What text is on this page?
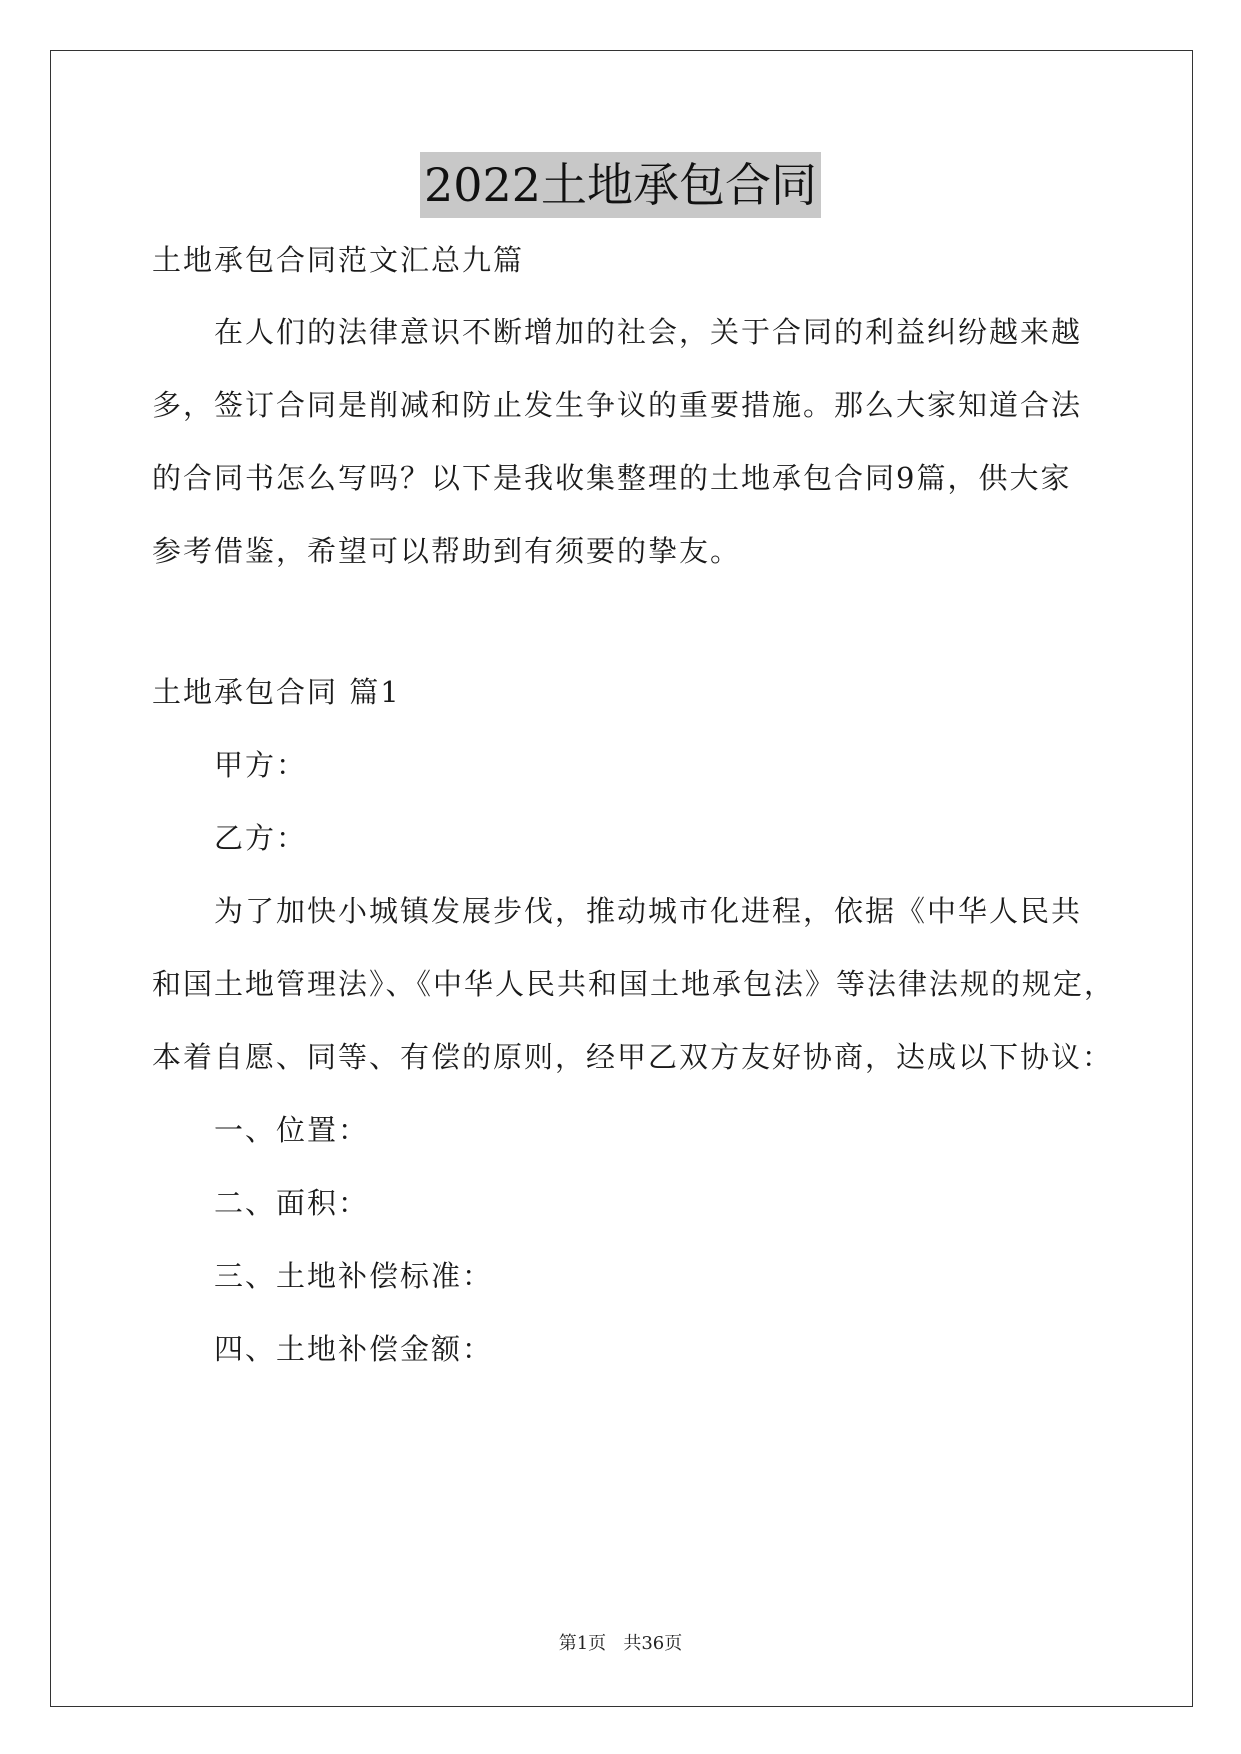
2022土地承包合同
土地承包合同范文汇总九篇
在人们的法律意识不断增加的社会，关于合同的利益纠纷越来越
多，签订合同是削减和防止发生争议的重要措施。那么大家知道合法
的合同书怎么写吗？以下是我收集整理的土地承包合同9篇，供大家
参考借鉴，希望可以帮助到有须要的挚友。
土地承包合同 篇1
甲方：
乙方：
为了加快小城镇发展步伐，推动城市化进程，依据《中华人民共
和国土地管理法》、《中华人民共和国土地承包法》等法律法规的规定，
本着自愿、同等、有偿的原则，经甲乙双方友好协商，达成以下协议：
一、位置：
二、面积：
三、土地补偿标准：
四、土地补偿金额：
第1页   共36页
